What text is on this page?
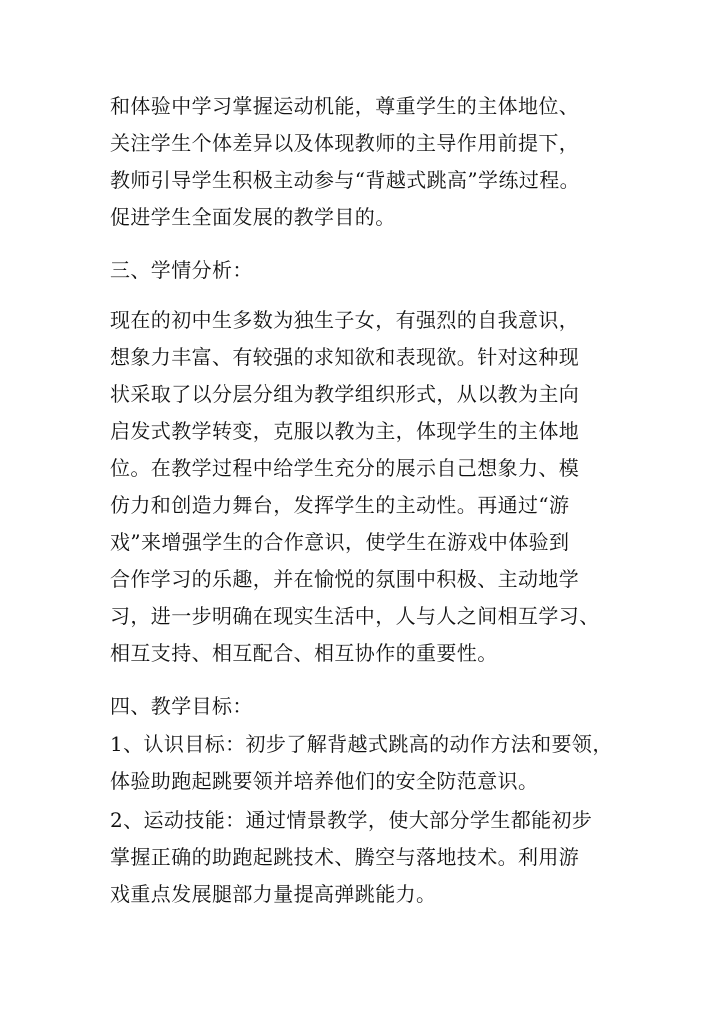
和体验中学习掌握运动机能，尊重学生的主体地位、
关注学生个体差异以及体现教师的主导作用前提下，
教师引导学生积极主动参与“背越式跳高”学练过程。
促进学生全面发展的教学目的。
三、学情分析：
现在的初中生多数为独生子女，有强烈的自我意识，
想象力丰富、有较强的求知欲和表现欲。针对这种现
状采取了以分层分组为教学组织形式，从以教为主向
启发式教学转变，克服以教为主，体现学生的主体地
位。在教学过程中给学生充分的展示自己想象力、模
仿力和创造力舞台，发挥学生的主动性。再通过“游
戏”来增强学生的合作意识，使学生在游戏中体验到
合作学习的乐趣，并在愉悦的氛围中积极、主动地学
习，进一步明确在现实生活中，人与人之间相互学习、
相互支持、相互配合、相互协作的重要性。
四、教学目标：
1、认识目标：初步了解背越式跳高的动作方法和要领，
体验助跑起跳要领并培养他们的安全防范意识。
2、运动技能：通过情景教学，使大部分学生都能初步
掌握正确的助跑起跳技术、腾空与落地技术。利用游
戏重点发展腿部力量提高弹跳能力。
